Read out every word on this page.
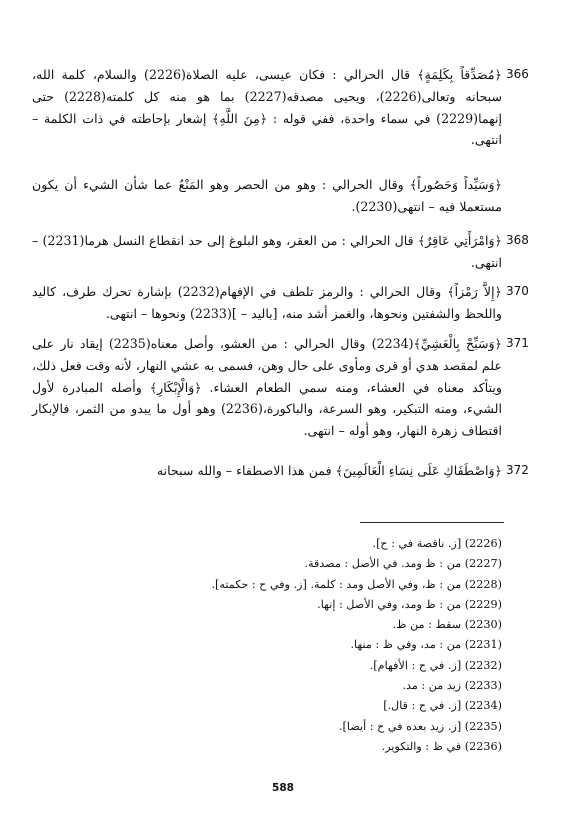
﴿مُصَدِّقاً بِكَلِمَةٍ﴾ قال الحرالي : فكان عيسى، عليه الصلاة(2226) والسلام، كلمة الله، سبحانه وتعالى(2226)، ويحيى مصدقه(2227) بما هو منه كل كلمته(2228) حتى إنهما(2229) في سماء واحدة، ففي قوله : ﴿مِنَ اللَّهِ﴾ إشعار بإحاطته في ذات الكلمة – انتهى.
366
﴿وَسَيِّداً وَحَصُوراً﴾ وقال الحرالي : وهو من الحصر وهو المَنْعُ عما شأن الشيء أن يكون مستعملا فيه – انتهى(2230).
﴿وَامْرَأَتِي عَاقِرٌ﴾ قال الحرالي : من العقر، وهو البلوغ إلى حد انقطاع النسل هرما(2231) – انتهى.
368
﴿إِلاَّ رَمْزاً﴾ وقال الحرالي : والرمز تلطف في الإفهام(2232) بإشارة تحرك طرف، كاليد واللحظ والشفتين ونحوها، والغمز أشد منه، [باليد – ](2233) ونحوها – انتهى.
370
﴿وَسَبِّحْ بِالْعَشِيِّ﴾(2234) وقال الحرالي : من العشو، وأصل معناه(2235) إيقاد نار على علم لمقصد هدي أو قرى ومأوى على حال وهن، فسمى به عشي النهار، لأنه وقت فعل ذلك، ويتأكد معناه في العشاء، ومنه سمي الطعام العشاء. ﴿وَالْإِبْكَارِ﴾ وأصله المبادرة لأول الشيء، ومنه التبكير، وهو السرعة، والباكورة،(2236) وهو أول ما يبدو من الثمر، فالإبكار اقتطاف زهرة النهار، وهو أوله – انتهى.
371
﴿وَاصْطَفَاكِ عَلَى نِسَاءِ الْعَالَمِينَ﴾ فمن هذا الاصطفاء – والله سبحانه 372
(2226) [ز. ناقصة في : ح].
(2227) من : ظ ومد. في الأصل : مصدقة.
(2228) من : ظ، وفي الأصل ومد : كلمة. [ز. وفي ح : حكمته].
(2229) من : ظ ومد، وفي الأصل : إنها.
(2230) سقط : من ظ.
(2231) من : مد، وفي ظ : منها.
(2232) [ز. في ح : الأفهام].
(2233) زيد من : مد.
(2234) [ز. في ح : قال.]
(2235) [ز. زيد بعده في ح : أيضا].
(2236) في ظ : والتكوير.
588
